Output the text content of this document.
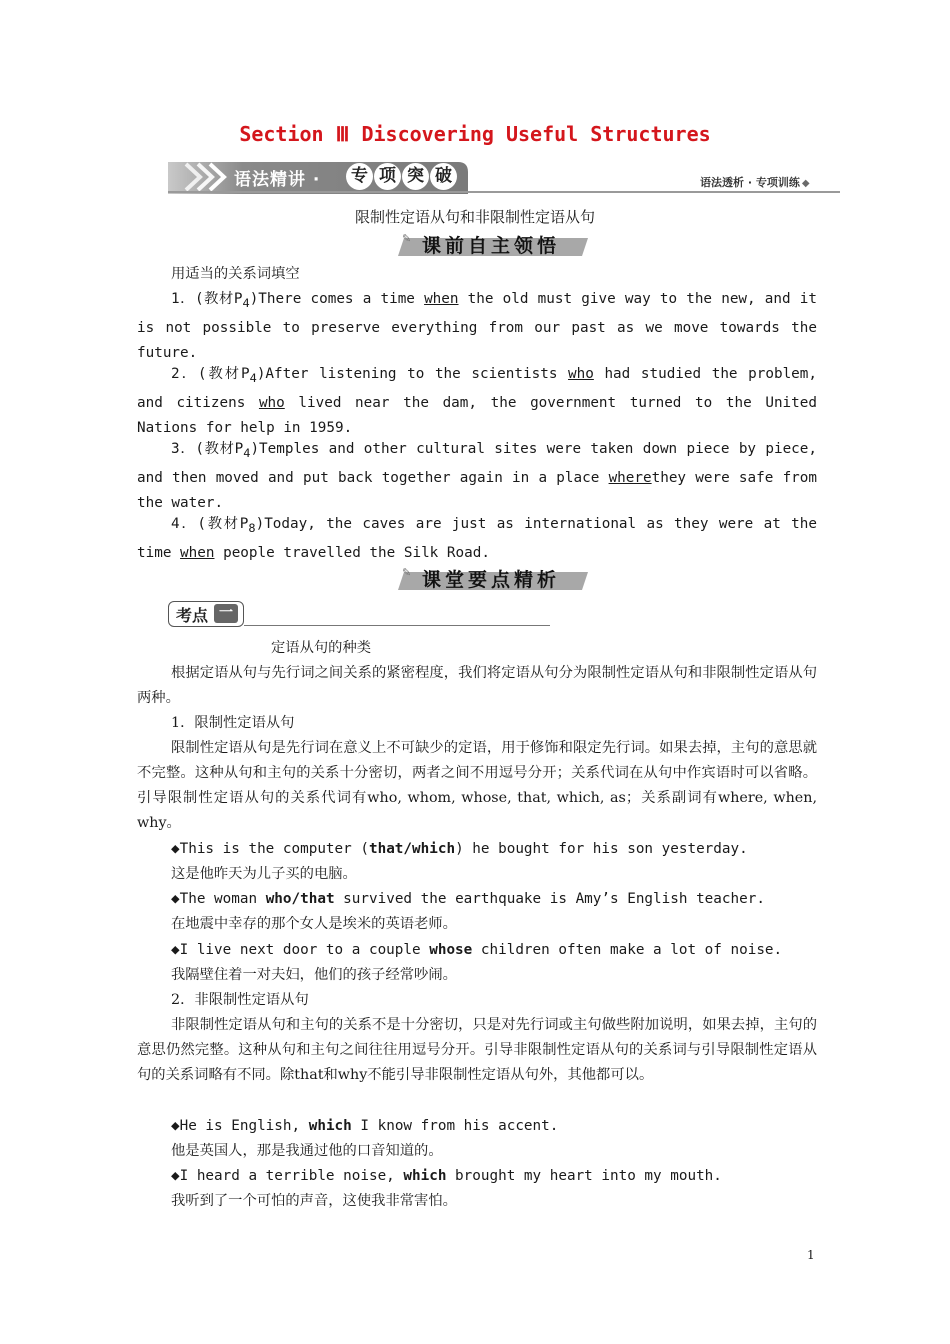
Section Ⅲ Discovering Useful Structures
语法精讲 · 专 项 突 破	语法透析 · 专项训练 ◆
限制性定语从句和非限制性定语从句
✎ 课前自主领悟

用适当的关系词填空

1．(教材$P_4)There$ comes a time when the old must give way to the new, and it is not possible to preserve everything from our past as we move towards the future.

2．(教材$P_4)After$ listening to the scientists who had studied the problem, and citizens who lived near the dam, the government turned to the United Nations for help in 1959.

3．(教材$P_4)Temples$ and other cultural sites were taken down piece by piece, and then moved and put back together again in a place wherethey were safe from the water.

4．(教材$P_8)Today$, the caves are just as international as they were at the time when people travelled the Silk Road.

✎ 课堂要点精析
考点 一

定语从句的种类

根据定语从句与先行词之间关系的紧密程度，我们将定语从句分为限制性定语从句和非限制性定语从句两种。

1．限制性定语从句

限制性定语从句是先行词在意义上不可缺少的定语，用于修饰和限定先行词。如果去掉，主句的意思就不完整。这种从句和主句的关系十分密切，两者之间不用逗号分开；关系代词在从句中作宾语时可以省略。引导限制性定语从句的关系代词有who, whom, whose, that, which, as；关系副词有where, when, why。

◆This is the computer (that/which) he bought for his son yesterday.

这是他昨天为儿子买的电脑。

◆The woman who/that survived the earthquake is Amy’s English teacher.

在地震中幸存的那个女人是埃米的英语老师。

◆I live next door to a couple whose children often make a lot of noise.

我隔壁住着一对夫妇，他们的孩子经常吵闹。

2．非限制性定语从句

非限制性定语从句和主句的关系不是十分密切，只是对先行词或主句做些附加说明，如果去掉，主句的意思仍然完整。这种从句和主句之间往往用逗号分开。引导非限制性定语从句的关系词与引导限制性定语从句的关系词略有不同。除that和why不能引导非限制性定语从句外，其他都可以。

◆He is English, which I know from his accent.

他是英国人，那是我通过他的口音知道的。

◆I heard a terrible noise, which brought my heart into my mouth.

我听到了一个可怕的声音，这使我非常害怕。

1
